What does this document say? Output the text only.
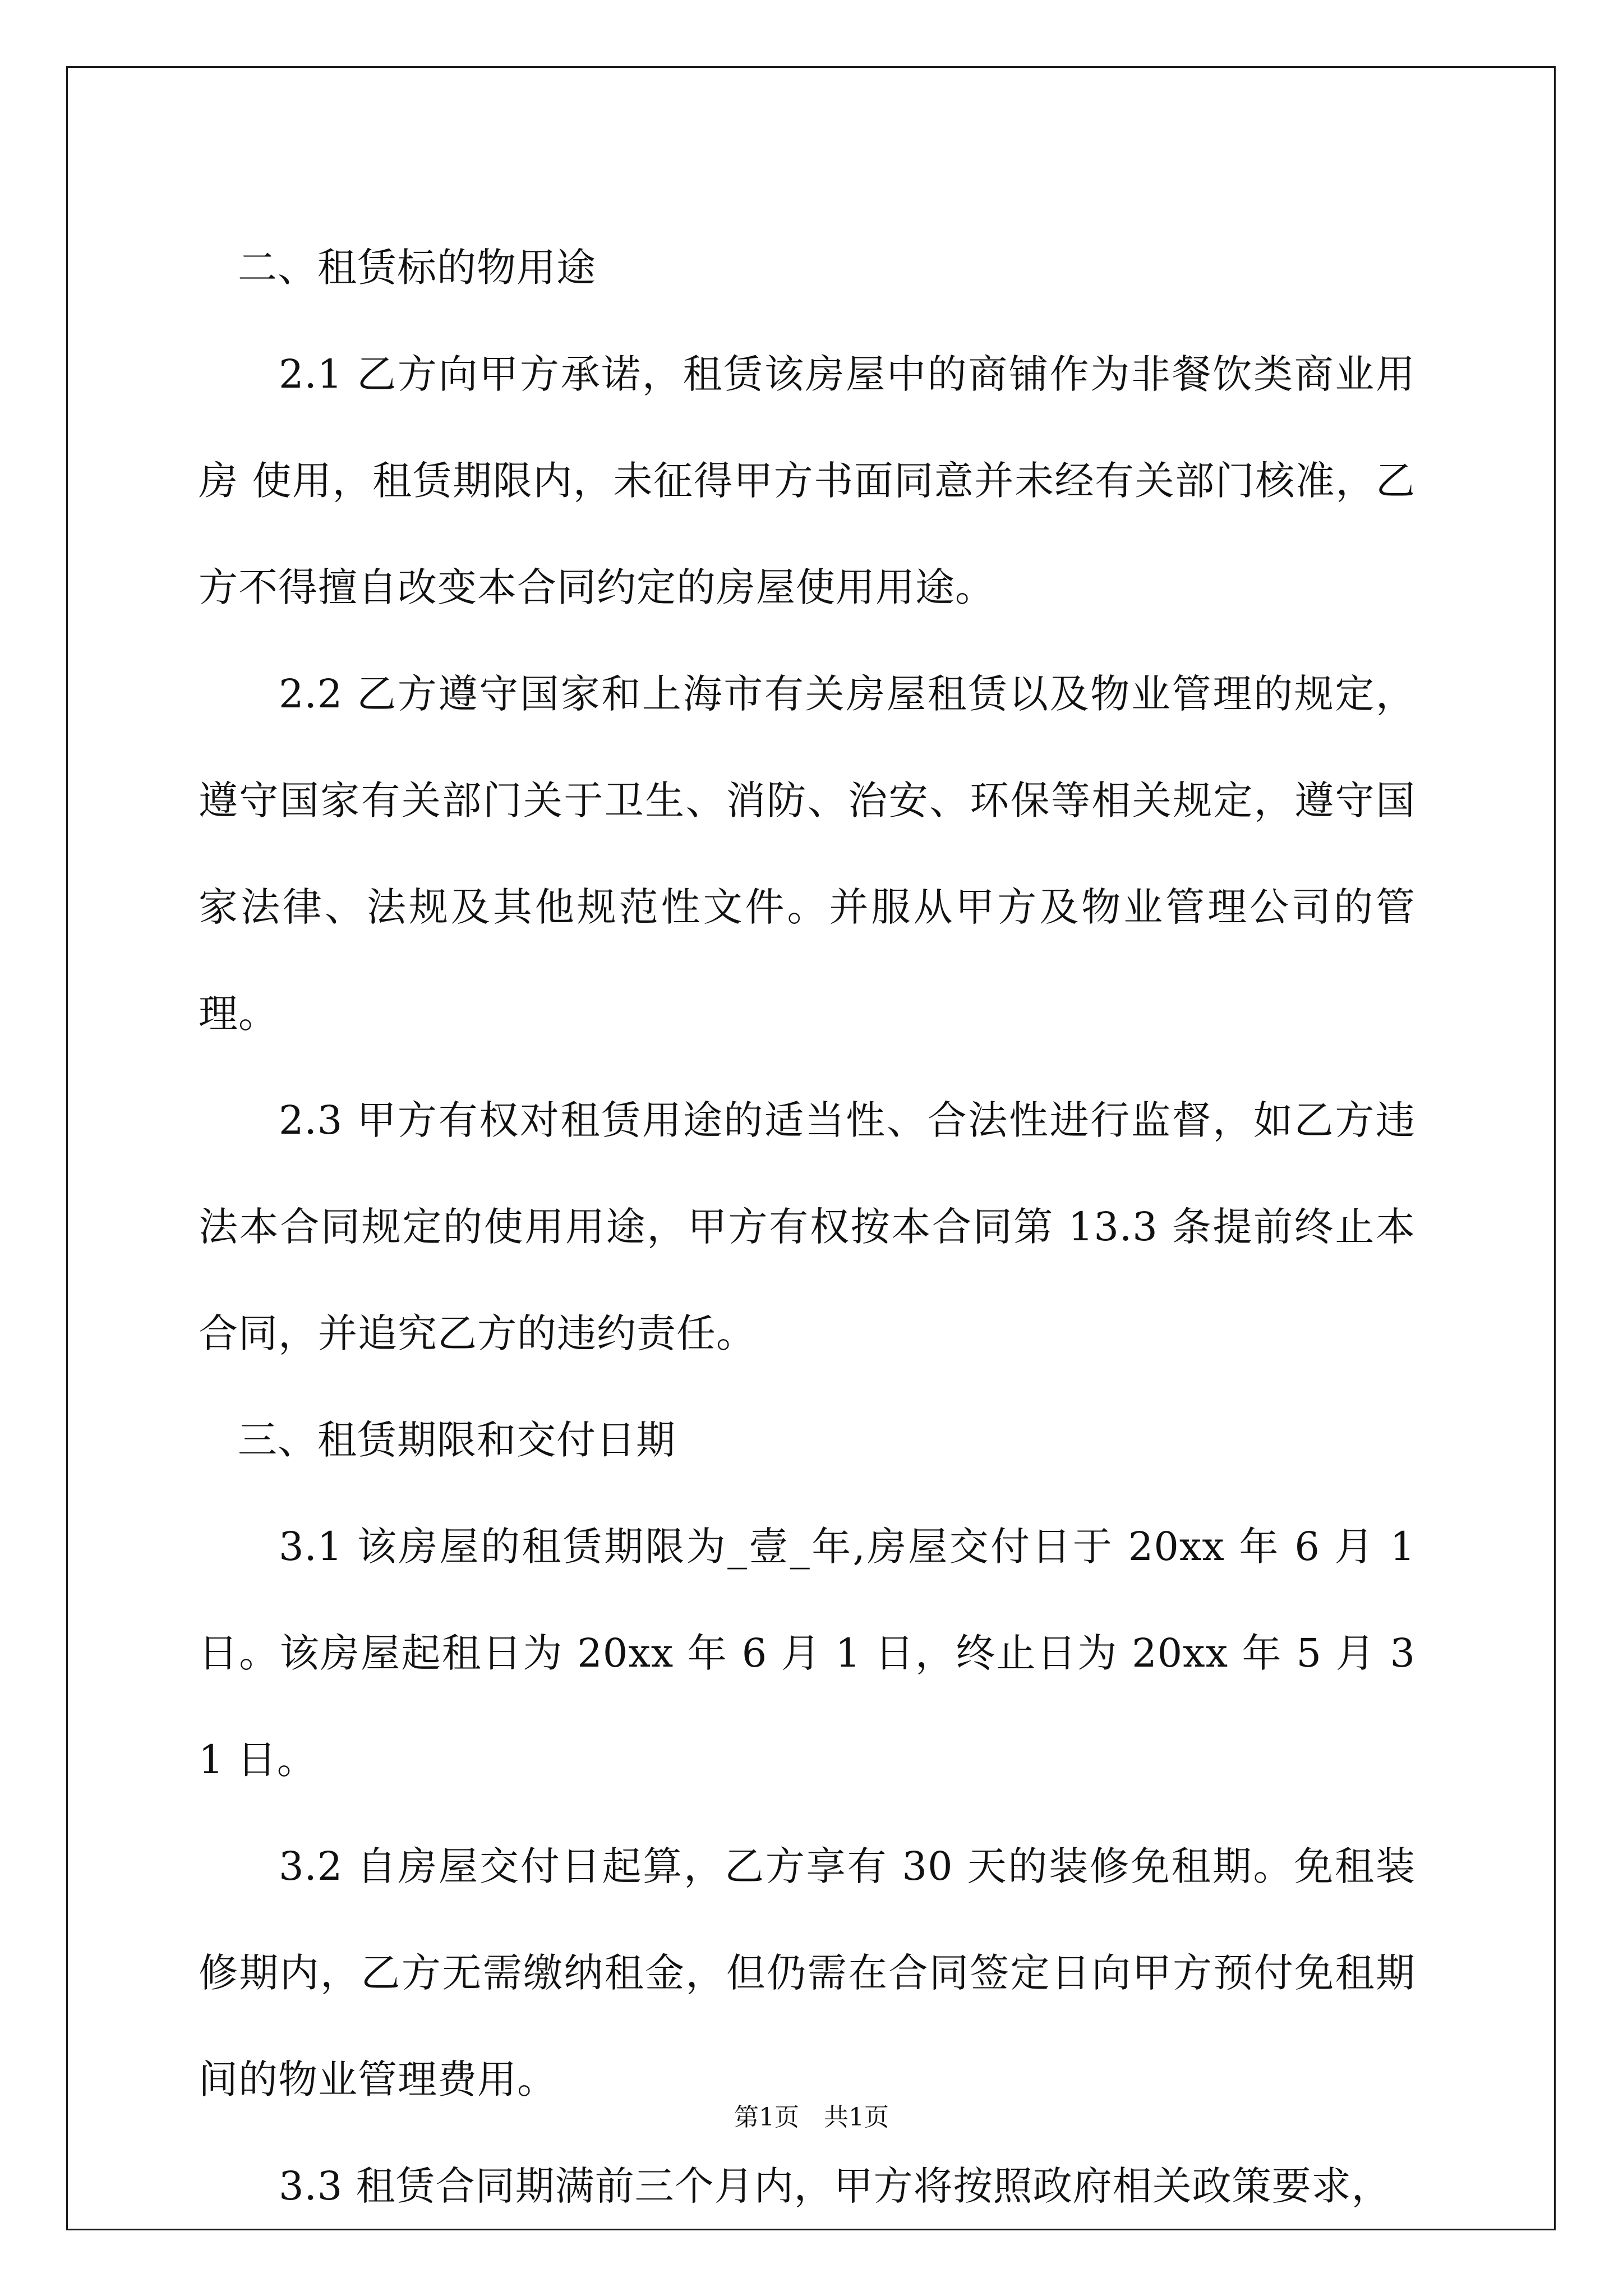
二、租赁标的物用途

2.1 乙方向甲方承诺，租赁该房屋中的商铺作为非餐饮类商业用房 使用，租赁期限内，未征得甲方书面同意并未经有关部门核准，乙方不得擅自改变本合同约定的房屋使用用途。

2.2 乙方遵守国家和上海市有关房屋租赁以及物业管理的规定，遵守国家有关部门关于卫生、消防、治安、环保等相关规定，遵守国家法律、法规及其他规范性文件。并服从甲方及物业管理公司的管理。

2.3 甲方有权对租赁用途的适当性、合法性进行监督，如乙方违法本合同规定的使用用途，甲方有权按本合同第 13.3 条提前终止本合同，并追究乙方的违约责任。

三、租赁期限和交付日期

3.1 该房屋的租赁期限为_壹_年,房屋交付日于 20xx 年 6 月 1 日。该房屋起租日为 20xx 年 6 月 1 日，终止日为 20xx 年 5 月 31 日。

3.2 自房屋交付日起算，乙方享有 30 天的装修免租期。免租装修期内，乙方无需缴纳租金，但仍需在合同签定日向甲方预付免租期间的物业管理费用。

3.3 租赁合同期满前三个月内，甲方将按照政府相关政策要求，

第1页　共1页
